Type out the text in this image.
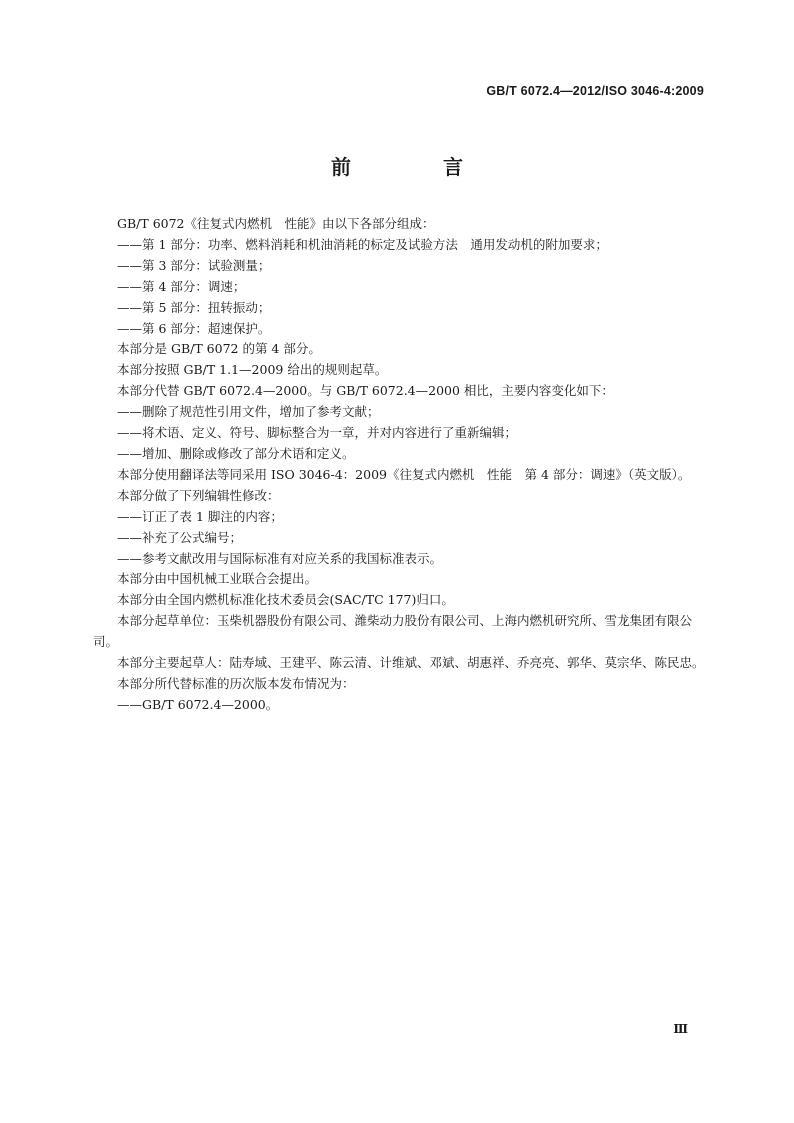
GB/T 6072.4—2012/ISO 3046-4:2009
前　言

GB/T 6072《往复式内燃机　性能》由以下各部分组成：

——第 1 部分：功率、燃料消耗和机油消耗的标定及试验方法　通用发动机的附加要求；

——第 3 部分：试验测量；

——第 4 部分：调速；

——第 5 部分：扭转振动；

——第 6 部分：超速保护。

本部分是 GB/T 6072 的第 4 部分。

本部分按照 GB/T 1.1—2009 给出的规则起草。

本部分代替 GB/T 6072.4—2000。与 GB/T 6072.4—2000 相比，主要内容变化如下：

——删除了规范性引用文件，增加了参考文献；

——将术语、定义、符号、脚标整合为一章，并对内容进行了重新编辑；

——增加、删除或修改了部分术语和定义。

本部分使用翻译法等同采用 ISO 3046-4：2009《往复式内燃机　性能　第 4 部分：调速》（英文版）。

本部分做了下列编辑性修改：

——订正了表 1 脚注的内容；

——补充了公式编号；

——参考文献改用与国际标准有对应关系的我国标准表示。

本部分由中国机械工业联合会提出。

本部分由全国内燃机标准化技术委员会(SAC/TC 177)归口。

本部分起草单位：玉柴机器股份有限公司、潍柴动力股份有限公司、上海内燃机研究所、雪龙集团有限公司。

本部分主要起草人：陆寿域、王建平、陈云清、计维斌、邓斌、胡惠祥、乔亮亮、郭华、莫宗华、陈民忠。

本部分所代替标准的历次版本发布情况为：

——GB/T 6072.4—2000。

Ⅲ
